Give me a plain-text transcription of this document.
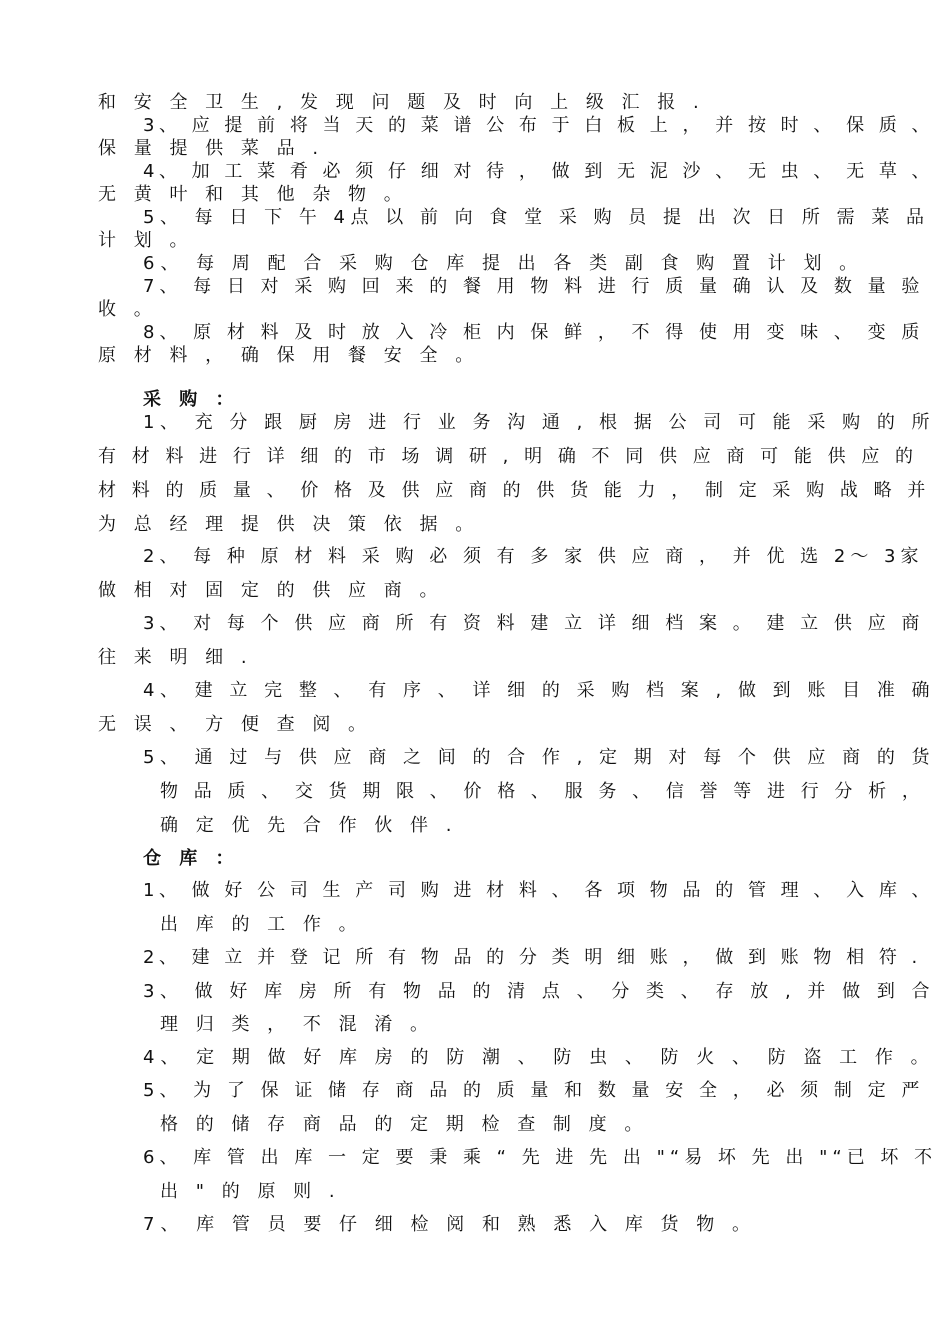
和 安 全 卫 生 , 发 现 问 题 及 时 向 上 级 汇 报 .
3、 应 提 前 将 当 天 的 菜 谱 公 布 于 白 板 上 ， 并 按 时 、 保 质 、
保 量 提 供 菜 品 .
4、 加 工 菜 肴 必 须 仔 细 对 待 ， 做 到 无 泥 沙 、 无 虫 、 无 草 、
无 黄 叶 和 其 他 杂 物 。
5、 每 日 下 午 4点 以 前 向 食 堂 采 购 员 提 出 次 日 所 需 菜 品
计 划 。
6、 每 周 配 合 采 购 仓 库 提 出 各 类 副 食 购 置 计 划 。
7、 每 日 对 采 购 回 来 的 餐 用 物 料 进 行 质 量 确 认 及 数 量 验
收 。
8、 原 材 料 及 时 放 入 冷 柜 内 保 鲜 ， 不 得 使 用 变 味 、 变 质
原 材 料 ， 确 保 用 餐 安 全 。
采 购 ：
1、 充 分 跟 厨 房 进 行 业 务 沟 通 , 根 据 公 司 可 能 采 购 的 所
有 材 料 进 行 详 细 的 市 场 调 研 , 明 确 不 同 供 应 商 可 能 供 应 的
材 料 的 质 量 、 价 格 及 供 应 商 的 供 货 能 力 ， 制 定 采 购 战 略 并
为 总 经 理 提 供 决 策 依 据 。
2、 每 种 原 材 料 采 购 必 须 有 多 家 供 应 商 ， 并 优 选 2～ 3家
做 相 对 固 定 的 供 应 商 。
3、 对 每 个 供 应 商 所 有 资 料 建 立 详 细 档 案 。 建 立 供 应 商
往 来 明 细 .
4、 建 立 完 整 、 有 序 、 详 细 的 采 购 档 案 , 做 到 账 目 准 确
无 误 、 方 便 查 阅 。
5、 通 过 与 供 应 商 之 间 的 合 作 , 定 期 对 每 个 供 应 商 的 货
物 品 质 、 交 货 期 限 、 价 格 、 服 务 、 信 誉 等 进 行 分 析 ，
确 定 优 先 合 作 伙 伴 .
仓 库 ：
1、 做 好 公 司 生 产 司 购 进 材 料 、 各 项 物 品 的 管 理 、 入 库 、
出 库 的 工 作 。
2、 建 立 并 登 记 所 有 物 品 的 分 类 明 细 账 ， 做 到 账 物 相 符 .
3、 做 好 库 房 所 有 物 品 的 清 点 、 分 类 、 存 放 , 并 做 到 合
理 归 类 ， 不 混 淆 。
4、 定 期 做 好 库 房 的 防 潮 、 防 虫 、 防 火 、 防 盗 工 作 。
5、 为 了 保 证 储 存 商 品 的 质 量 和 数 量 安 全 ， 必 须 制 定 严
格 的 储 存 商 品 的 定 期 检 查 制 度 。
6、 库 管 出 库 一 定 要 秉 乘 “ 先 进 先 出 "“易 坏 先 出 "“已 坏 不
出 " 的 原 则 .
7、 库 管 员 要 仔 细 检 阅 和 熟 悉 入 库 货 物 。
